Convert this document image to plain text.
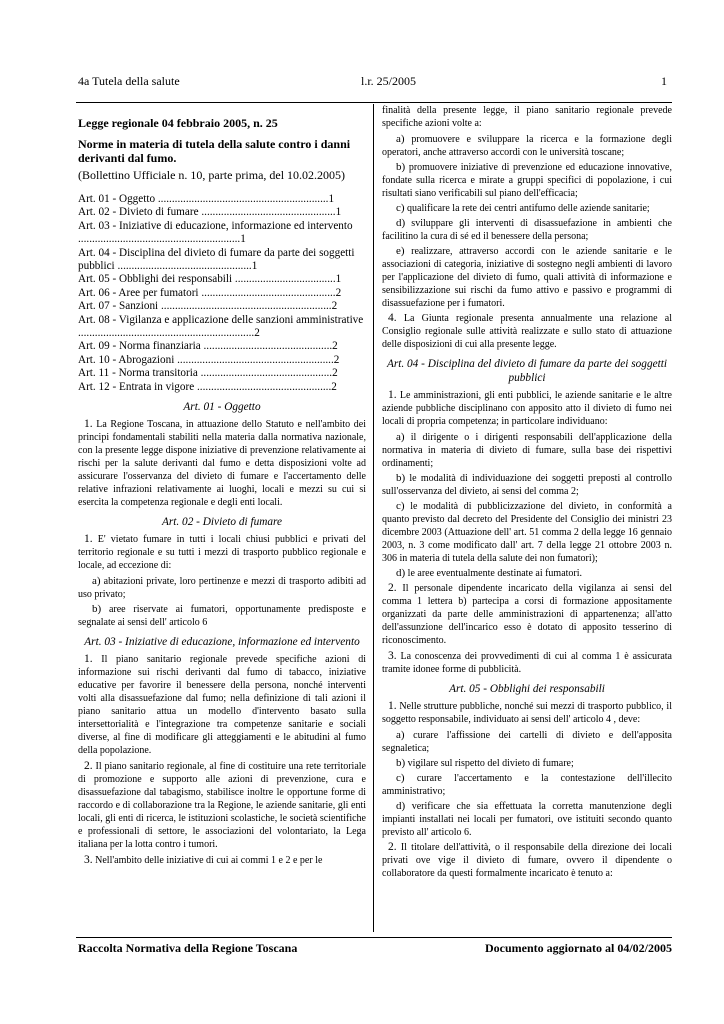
4a Tutela della salute	l.r. 25/2005	1
Legge regionale 04 febbraio 2005, n. 25
Norme in materia di tutela della salute contro i danni derivanti dal fumo.
(Bollettino Ufficiale n. 10, parte prima, del 10.02.2005)
Art. 01 - Oggetto .............................................................1
Art. 02 - Divieto di fumare ................................................1
Art. 03 - Iniziative di educazione, informazione ed intervento ..........................................................1
Art. 04 - Disciplina del divieto di fumare da parte dei soggetti pubblici ................................................1
Art. 05 - Obblighi dei responsabili ....................................1
Art. 06 - Aree per fumatori ................................................2
Art. 07 - Sanzioni .............................................................2
Art. 08 - Vigilanza e applicazione delle sanzioni amministrative ...............................................................2
Art. 09 - Norma finanziaria ..............................................2
Art. 10 - Abrogazioni ........................................................2
Art. 11 - Norma transitoria ...............................................2
Art. 12 - Entrata in vigore ................................................2
Art. 01 - Oggetto

1. La Regione Toscana, in attuazione dello Statuto e nell'ambito dei principi fondamentali stabiliti nella materia dalla normativa nazionale, con la presente legge dispone iniziative di prevenzione relativamente ai rischi per la salute derivanti dal fumo e detta disposizioni volte ad assicurare l'osservanza del divieto di fumare e l'accertamento delle relative infrazioni relativamente ai luoghi, locali e mezzi su cui si esercita la competenza regionale e degli enti locali.

Art. 02 - Divieto di fumare

1. E' vietato fumare in tutti i locali chiusi pubblici e privati del territorio regionale e su tutti i mezzi di trasporto pubblico regionale e locale, ad eccezione di:

a) abitazioni private, loro pertinenze e mezzi di trasporto adibiti ad uso privato;

b) aree riservate ai fumatori, opportunamente predisposte e segnalate ai sensi dell' articolo 6

Art. 03 - Iniziative di educazione, informazione ed intervento

1. Il piano sanitario regionale prevede specifiche azioni di informazione sui rischi derivanti dal fumo di tabacco, iniziative educative per favorire il benessere della persona, nonché interventi volti alla disassuefazione dal fumo; nella definizione di tali azioni il piano sanitario attua un modello d'intervento basato sulla intersettorialità e l'integrazione tra competenze sanitarie e sociali diverse, al fine di modificare gli atteggiamenti e le abitudini al fumo della popolazione.

2. Il piano sanitario regionale, al fine di costituire una rete territoriale di promozione e supporto alle azioni di prevenzione, cura e disassuefazione dal tabagismo, stabilisce inoltre le opportune forme di raccordo e di collaborazione tra la Regione, le aziende sanitarie, gli enti locali, gli enti di ricerca, le istituzioni scolastiche, le società scientifiche e professionali di settore, le associazioni del volontariato, la Lega italiana per la lotta contro i tumori.

3. Nell'ambito delle iniziative di cui ai commi 1 e 2 e per le

finalità della presente legge, il piano sanitario regionale prevede specifiche azioni volte a:

a) promuovere e sviluppare la ricerca e la formazione degli operatori, anche attraverso accordi con le università toscane;

b) promuovere iniziative di prevenzione ed educazione innovative, fondate sulla ricerca e mirate a gruppi specifici di popolazione, i cui risultati siano verificabili sul piano dell'efficacia;

c) qualificare la rete dei centri antifumo delle aziende sanitarie;

d) sviluppare gli interventi di disassuefazione in ambienti che facilitino la cura di sé ed il benessere della persona;

e) realizzare, attraverso accordi con le aziende sanitarie e le associazioni di categoria, iniziative di sostegno negli ambienti di lavoro per l'applicazione del divieto di fumo, quali attività di informazione e sensibilizzazione sui rischi da fumo attivo e passivo e programmi di disassuefazione per i fumatori.

4. La Giunta regionale presenta annualmente una relazione al Consiglio regionale sulle attività realizzate e sullo stato di attuazione delle disposizioni di cui alla presente legge.

Art. 04 - Disciplina del divieto di fumare da parte dei soggetti pubblici

1. Le amministrazioni, gli enti pubblici, le aziende sanitarie e le altre aziende pubbliche disciplinano con apposito atto il divieto di fumo nei locali di propria competenza; in particolare individuano:

a) il dirigente o i dirigenti responsabili dell'applicazione della normativa in materia di divieto di fumare, sulla base dei rispettivi ordinamenti;

b) le modalità di individuazione dei soggetti preposti al controllo sull'osservanza del divieto, ai sensi del comma 2;

c) le modalità di pubblicizzazione del divieto, in conformità a quanto previsto dal decreto del Presidente del Consiglio dei ministri 23 dicembre 2003 (Attuazione dell' art. 51 comma 2 della legge 16 gennaio 2003, n. 3 come modificato dall' art. 7 della legge 21 ottobre 2003 n. 306 in materia di tutela della salute dei non fumatori);

d) le aree eventualmente destinate ai fumatori.

2. Il personale dipendente incaricato della vigilanza ai sensi del comma 1 lettera b) partecipa a corsi di formazione appositamente organizzati da parte delle amministrazioni di appartenenza; all'atto dell'assunzione dell'incarico esso è dotato di apposito tesserino di riconoscimento.

3. La conoscenza dei provvedimenti di cui al comma 1 è assicurata tramite idonee forme di pubblicità.

Art. 05 - Obblighi dei responsabili

1. Nelle strutture pubbliche, nonché sui mezzi di trasporto pubblico, il soggetto responsabile, individuato ai sensi dell' articolo 4 , deve:

a) curare l'affissione dei cartelli di divieto e dell'apposita segnaletica;

b) vigilare sul rispetto del divieto di fumare;

c) curare l'accertamento e la contestazione dell'illecito amministrativo;

d) verificare che sia effettuata la corretta manutenzione degli impianti installati nei locali per fumatori, ove istituiti secondo quanto previsto all' articolo 6.

2. Il titolare dell'attività, o il responsabile della direzione dei locali privati ove vige il divieto di fumare, ovvero il dipendente o collaboratore da questi formalmente incaricato è tenuto a:

Raccolta Normativa della Regione Toscana	Documento aggiornato al 04/02/2005
